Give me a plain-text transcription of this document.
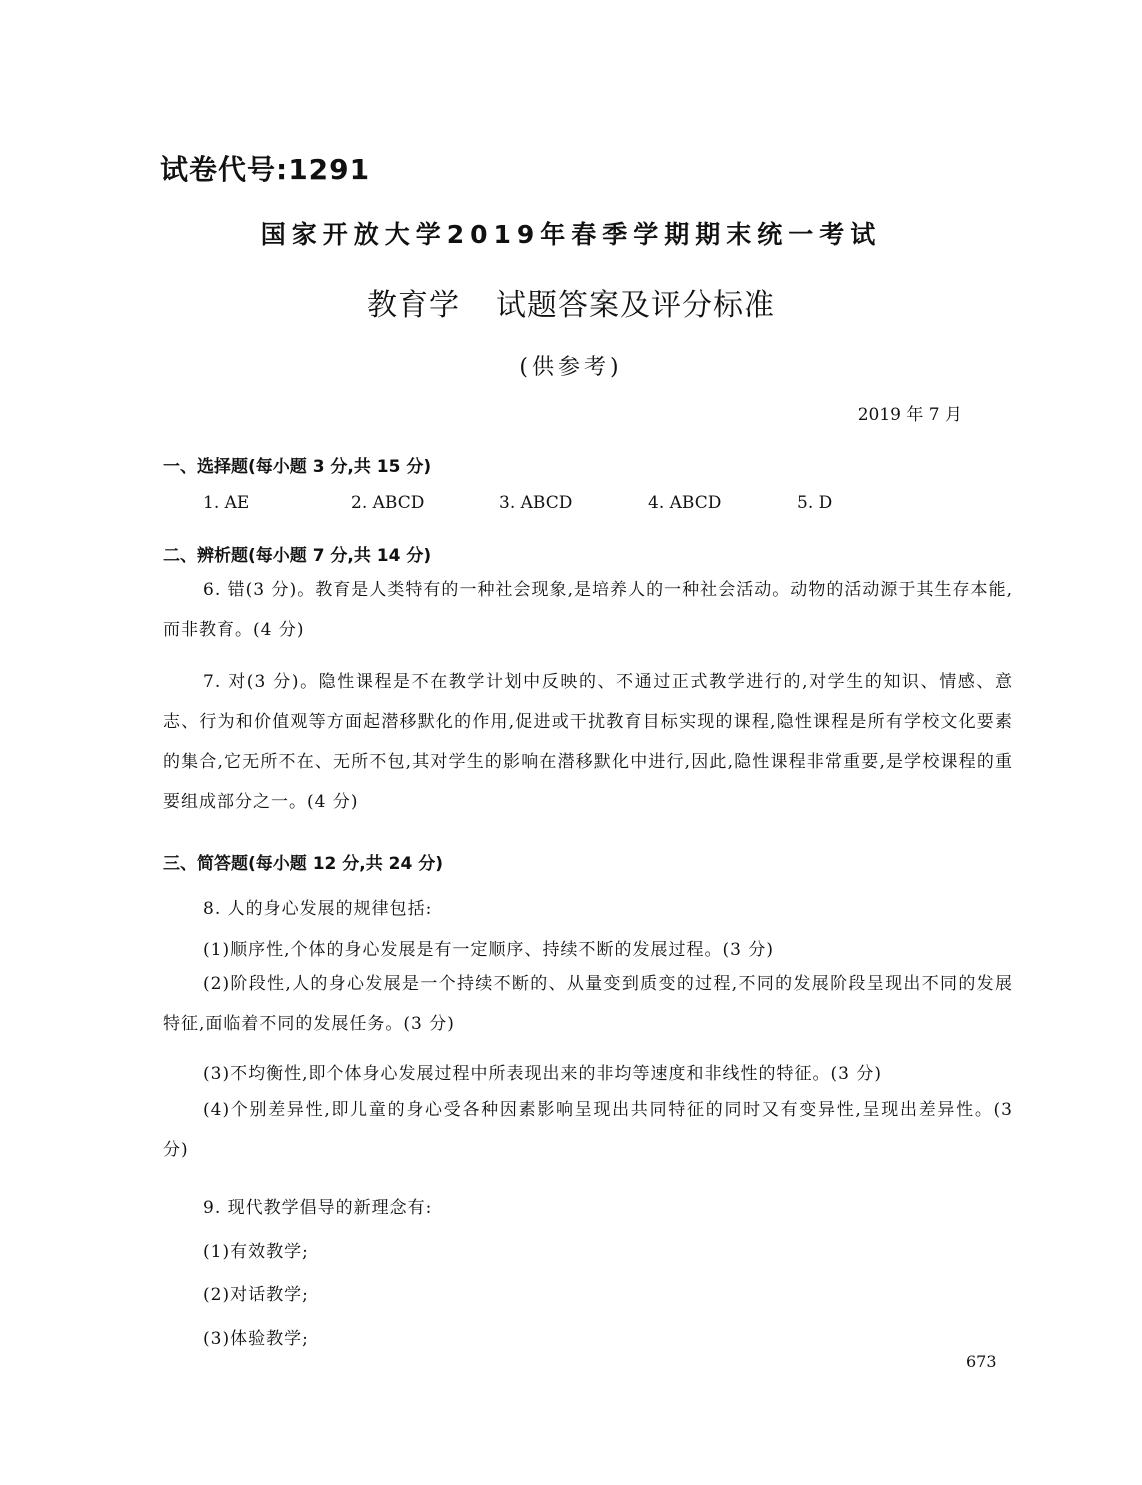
试卷代号:1291
国家开放大学2019年春季学期期末统一考试
教育学 试题答案及评分标准
(供参考)
2019 年 7 月
一、选择题(每小题 3 分,共 15 分)
1. AE	2. ABCD	3. ABCD	4. ABCD	5. D
二、辨析题(每小题 7 分,共 14 分)

6. 错(3 分)。教育是人类特有的一种社会现象,是培养人的一种社会活动。动物的活动源于其生存本能,而非教育。(4 分)

7. 对(3 分)。隐性课程是不在教学计划中反映的、不通过正式教学进行的,对学生的知识、情感、意志、行为和价值观等方面起潜移默化的作用,促进或干扰教育目标实现的课程,隐性课程是所有学校文化要素的集合,它无所不在、无所不包,其对学生的影响在潜移默化中进行,因此,隐性课程非常重要,是学校课程的重要组成部分之一。(4 分)

三、简答题(每小题 12 分,共 24 分)
8. 人的身心发展的规律包括:
(1)顺序性,个体的身心发展是有一定顺序、持续不断的发展过程。(3 分)

(2)阶段性,人的身心发展是一个持续不断的、从量变到质变的过程,不同的发展阶段呈现出不同的发展特征,面临着不同的发展任务。(3 分)

(3)不均衡性,即个体身心发展过程中所表现出来的非均等速度和非线性的特征。(3 分)

(4)个别差异性,即儿童的身心受各种因素影响呈现出共同特征的同时又有变异性,呈现出差异性。(3 分)

9. 现代教学倡导的新理念有:
(1)有效教学;
(2)对话教学;
(3)体验教学;
673
